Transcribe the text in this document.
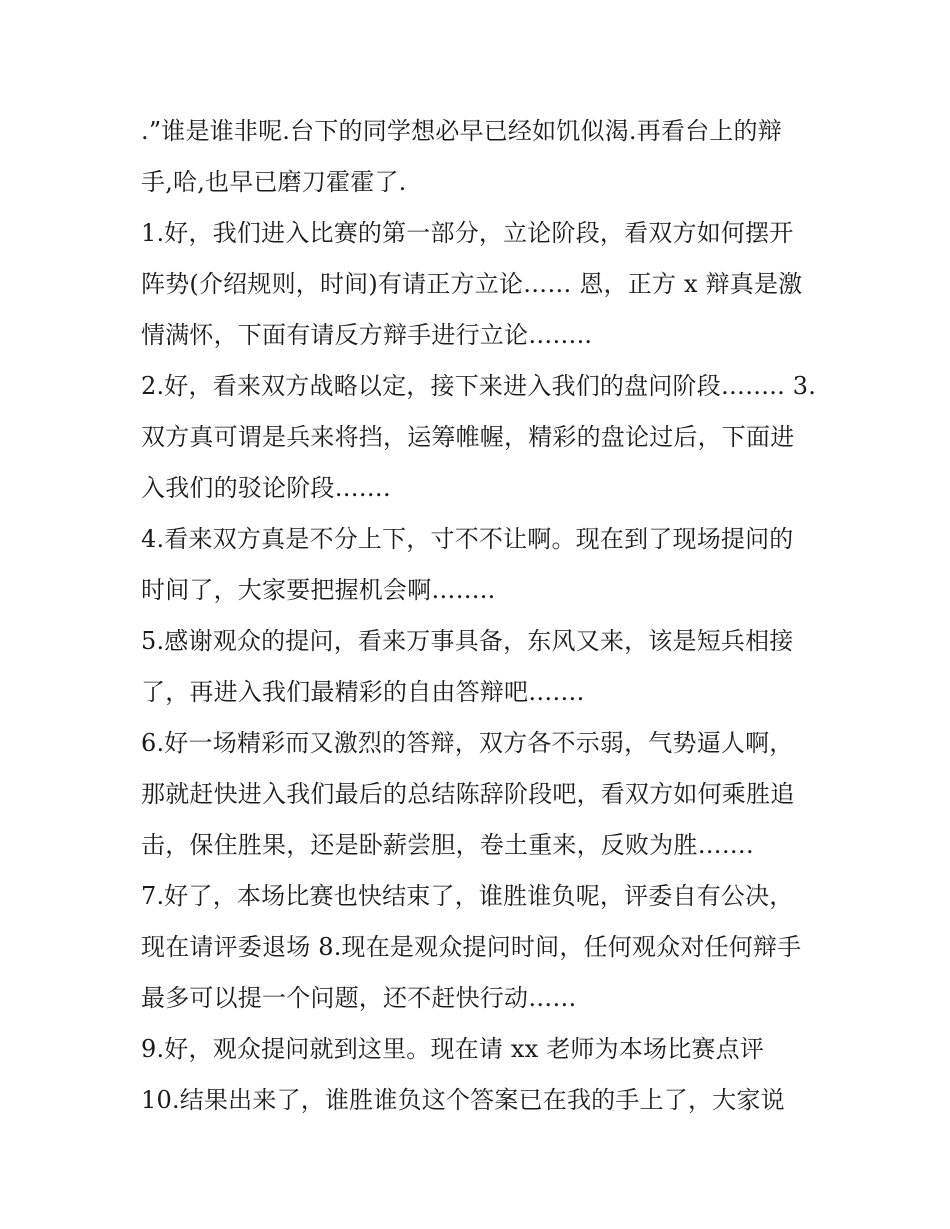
.”谁是谁非呢.台下的同学想必早已经如饥似渴.再看台上的辩
手,哈,也早已磨刀霍霍了.
1.好，我们进入比赛的第一部分，立论阶段，看双方如何摆开
阵势(介绍规则，时间)有请正方立论…… 恩，正方 x 辩真是激
情满怀，下面有请反方辩手进行立论……..
2.好，看来双方战略以定，接下来进入我们的盘问阶段…….. 3.
双方真可谓是兵来将挡，运筹帷幄，精彩的盘论过后，下面进
入我们的驳论阶段…….
4.看来双方真是不分上下，寸不不让啊。现在到了现场提问的
时间了，大家要把握机会啊……..
5.感谢观众的提问，看来万事具备，东风又来，该是短兵相接
了，再进入我们最精彩的自由答辩吧…….
6.好一场精彩而又激烈的答辩，双方各不示弱，气势逼人啊，
那就赶快进入我们最后的总结陈辞阶段吧，看双方如何乘胜追
击，保住胜果，还是卧薪尝胆，卷土重来，反败为胜…….
7.好了，本场比赛也快结束了，谁胜谁负呢，评委自有公决，
现在请评委退场 8.现在是观众提问时间，任何观众对任何辩手
最多可以提一个问题，还不赶快行动……
9.好，观众提问就到这里。现在请 xx 老师为本场比赛点评
10.结果出来了，谁胜谁负这个答案已在我的手上了，大家说
